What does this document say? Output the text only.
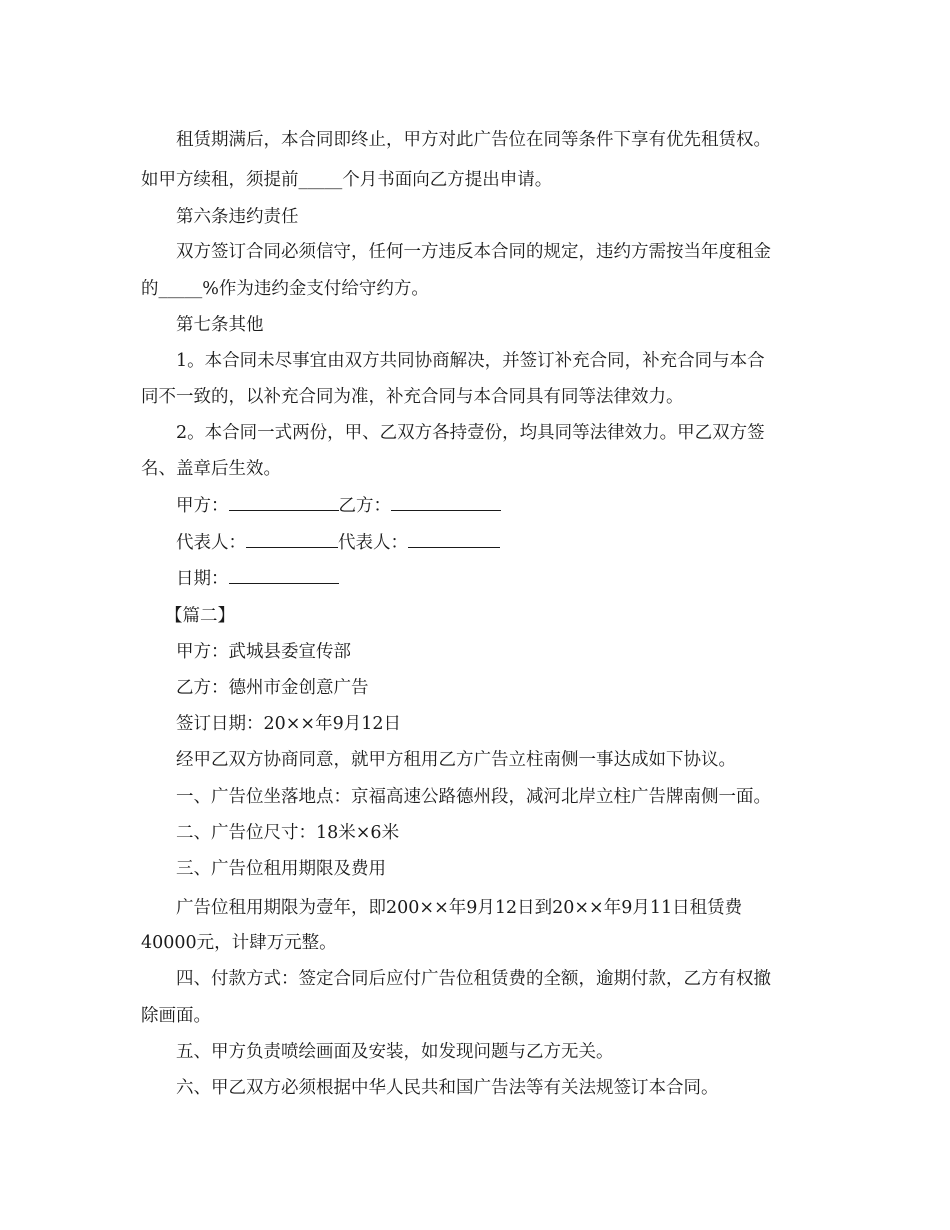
租赁期满后，本合同即终止，甲方对此广告位在同等条件下享有优先租赁权。
如甲方续租，须提前_____个月书面向乙方提出申请。
第六条违约责任
双方签订合同必须信守，任何一方违反本合同的规定，违约方需按当年度租金
的_____%作为违约金支付给守约方。
第七条其他
1。本合同未尽事宜由双方共同协商解决，并签订补充合同，补充合同与本合
同不一致的，以补充合同为准，补充合同与本合同具有同等法律效力。
2。本合同一式两份，甲、乙双方各持壹份，均具同等法律效力。甲乙双方签
名、盖章后生效。
甲方：	乙方：
代表人：	代表人：
日期：
【篇二】
甲方：武城县委宣传部
乙方：德州市金创意广告
签订日期：20××年9月12日
经甲乙双方协商同意，就甲方租用乙方广告立柱南侧一事达成如下协议。
一、广告位坐落地点：京福高速公路德州段，减河北岸立柱广告牌南侧一面。
二、广告位尺寸：18米×6米
三、广告位租用期限及费用
广告位租用期限为壹年，即200××年9月12日到20××年9月11日租赁费
40000元，计肆万元整。
四、付款方式：签定合同后应付广告位租赁费的全额，逾期付款，乙方有权撤
除画面。
五、甲方负责喷绘画面及安装，如发现问题与乙方无关。
六、甲乙双方必须根据中华人民共和国广告法等有关法规签订本合同。
